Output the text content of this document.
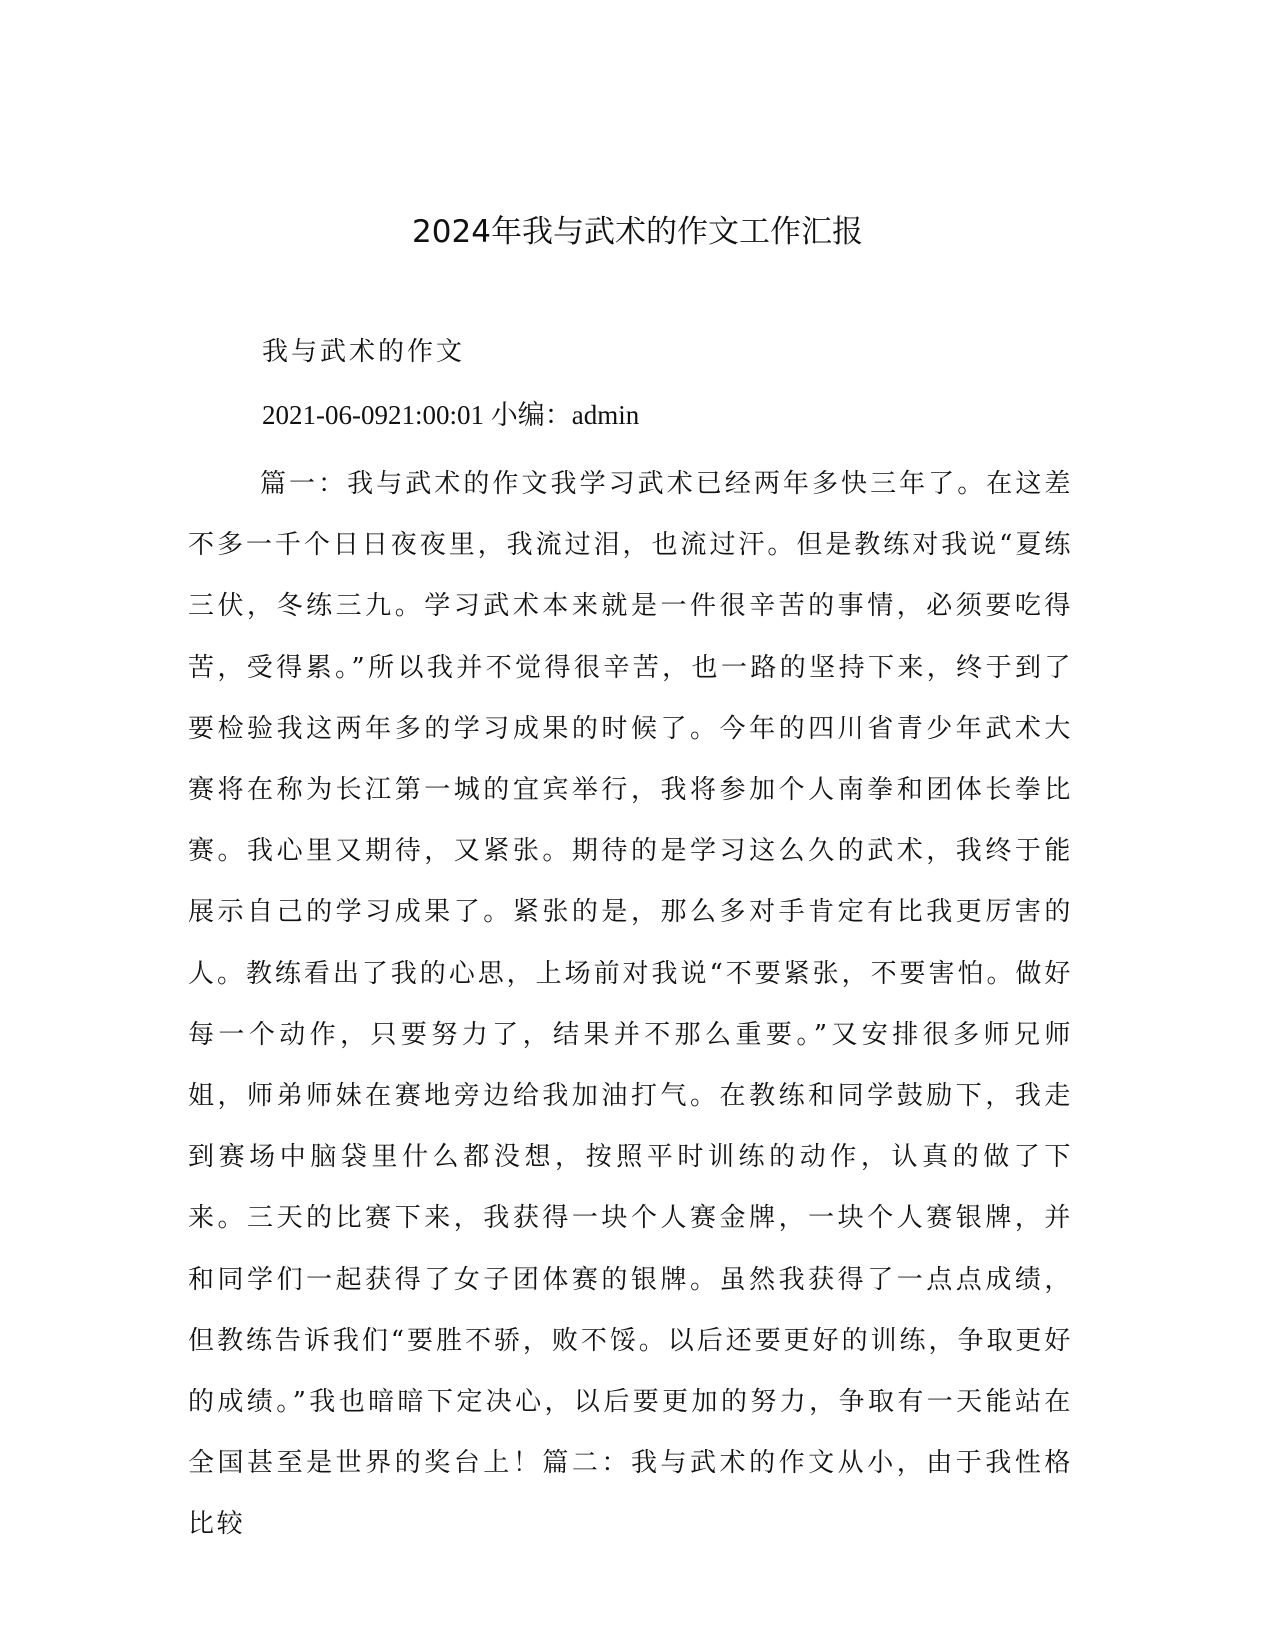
2024年我与武术的作文工作汇报
我与武术的作文
2021-06-0921:00:01 小编：admin

篇一：我与武术的作文我学习武术已经两年多快三年了。在这差不多一千个日日夜夜里，我流过泪，也流过汗。但是教练对我说“夏练三伏，冬练三九。学习武术本来就是一件很辛苦的事情，必须要吃得苦，受得累。”所以我并不觉得很辛苦，也一路的坚持下来，终于到了要检验我这两年多的学习成果的时候了。今年的四川省青少年武术大赛将在称为长江第一城的宜宾举行，我将参加个人南拳和团体长拳比赛。我心里又期待，又紧张。期待的是学习这么久的武术，我终于能展示自己的学习成果了。紧张的是，那么多对手肯定有比我更厉害的人。教练看出了我的心思，上场前对我说“不要紧张，不要害怕。做好每一个动作，只要努力了，结果并不那么重要。”又安排很多师兄师姐，师弟师妹在赛地旁边给我加油打气。在教练和同学鼓励下，我走到赛场中脑袋里什么都没想，按照平时训练的动作，认真的做了下来。三天的比赛下来，我获得一块个人赛金牌，一块个人赛银牌，并和同学们一起获得了女子团体赛的银牌。虽然我获得了一点点成绩，但教练告诉我们“要胜不骄，败不馁。以后还要更好的训练，争取更好的成绩。”我也暗暗下定决心，以后要更加的努力，争取有一天能站在全国甚至是世界的奖台上！篇二：我与武术的作文从小，由于我性格比较
